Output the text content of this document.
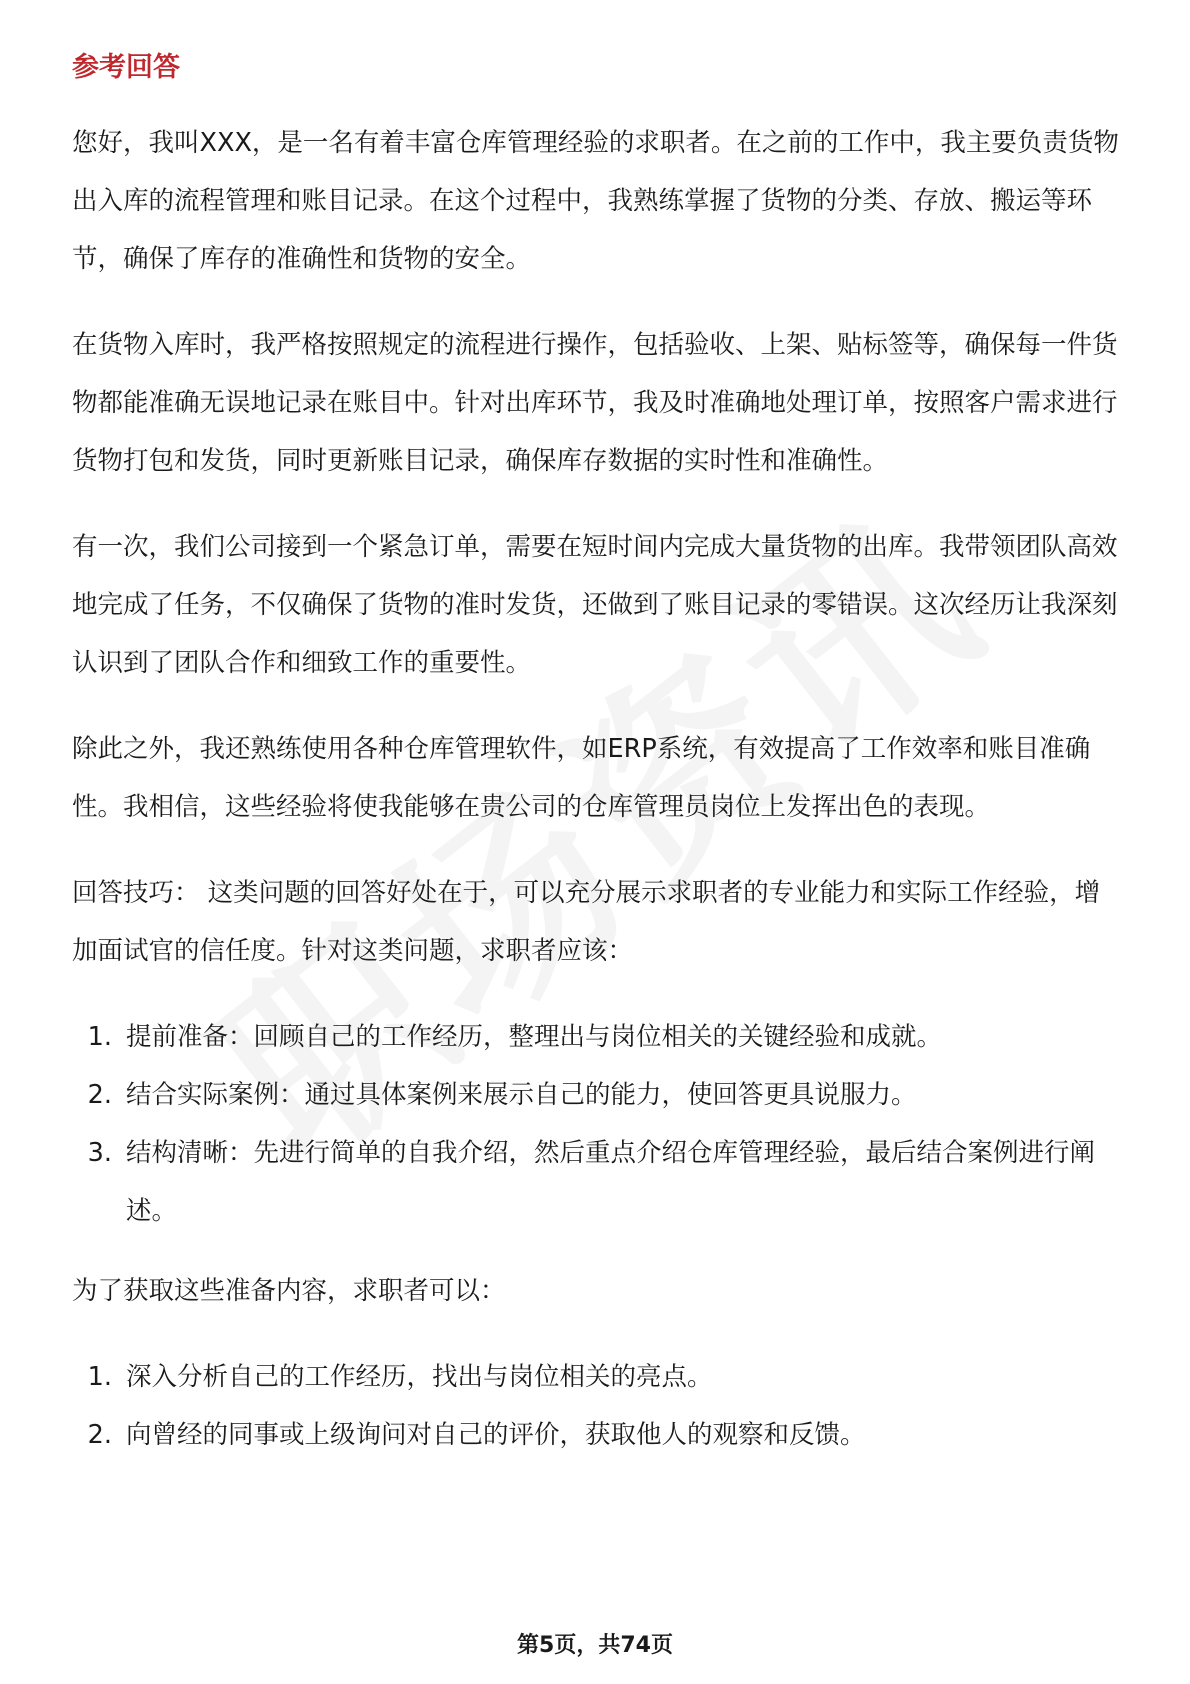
参考回答

您好，我叫XXX，是一名有着丰富仓库管理经验的求职者。在之前的工作中，我主要负责货物出入库的流程管理和账目记录。在这个过程中，我熟练掌握了货物的分类、存放、搬运等环节，确保了库存的准确性和货物的安全。

在货物入库时，我严格按照规定的流程进行操作，包括验收、上架、贴标签等，确保每一件货物都能准确无误地记录在账目中。针对出库环节，我及时准确地处理订单，按照客户需求进行货物打包和发货，同时更新账目记录，确保库存数据的实时性和准确性。

有一次，我们公司接到一个紧急订单，需要在短时间内完成大量货物的出库。我带领团队高效地完成了任务，不仅确保了货物的准时发货，还做到了账目记录的零错误。这次经历让我深刻认识到了团队合作和细致工作的重要性。

除此之外，我还熟练使用各种仓库管理软件，如ERP系统，有效提高了工作效率和账目准确性。我相信，这些经验将使我能够在贵公司的仓库管理员岗位上发挥出色的表现。

回答技巧： 这类问题的回答好处在于，可以充分展示求职者的专业能力和实际工作经验，增加面试官的信任度。针对这类问题，求职者应该：

1. 提前准备：回顾自己的工作经历，整理出与岗位相关的关键经验和成就。
2. 结合实际案例：通过具体案例来展示自己的能力，使回答更具说服力。
3. 结构清晰：先进行简单的自我介绍，然后重点介绍仓库管理经验，最后结合案例进行阐述。

为了获取这些准备内容，求职者可以：

1. 深入分析自己的工作经历，找出与岗位相关的亮点。
2. 向曾经的同事或上级询问对自己的评价，获取他人的观察和反馈。
第5页，共74页
